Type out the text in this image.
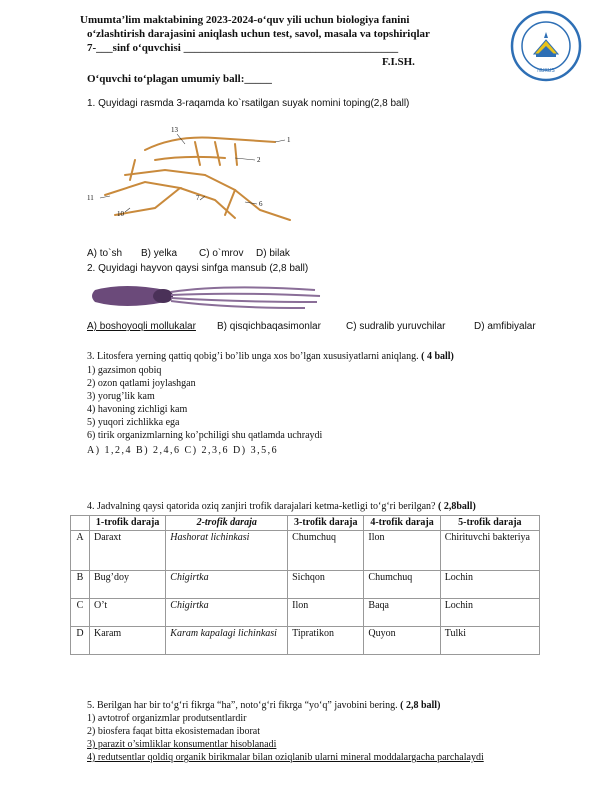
Umumta’lim maktabining 2023-2024-o‘quv yili uchun biologiya fanini
o‘zlashtirish darajasini aniqlash uchun test, savol, masala va topshiriqlar
7-___sinf o‘quvchisi _______________________________________
F.I.SH.
O‘quvchi to‘plagan umumiy ball:_____
NUKUS
1. Quyidagi rasmda 3-raqamda ko`rsatilgan suyak nomini toping(2,8 ball)
13
1
2
11	7
6
10
A) to`sh B) yelka C) o`mrov D) bilak
2. Quyidagi hayvon qaysi sinfga mansub (2,8 ball)
A) boshoyoqli mollukalar B) qisqichbaqasimonlar	C) sudralib yuruvchilar	D) amfibiyalar
3. Litosfera yerning qattiq qobig’i bo’lib unga xos bo’lgan xususiyatlarni aniqlang. ( 4 ball)
1) gazsimon qobiq
2) ozon qatlami joylashgan
3) yorug’lik kam
4) havoning zichligi kam
5) yuqori zichlikka ega
6) tirik organizmlarning ko’pchiligi shu qatlamda uchraydi
A) 1,2,4 B) 2,4,6 C) 2,3,6 D) 3,5,6
4. Jadvalning qaysi qatorida oziq zanjiri trofik darajalari ketma-ketligi to‘g‘ri berilgan? ( 2,8ball)
	1-trofik daraja	2-trofik daraja	3-trofik daraja	4-trofik daraja	5-trofik daraja
A	Daraxt	Hashorat lichinkasi	Chumchuq	Ilon	Chirituvchi bakteriya
B	Bug’doy	Chigirtka	Sichqon	Chumchuq	Lochin
C	O’t	Chigirtka	Ilon	Baqa	Lochin
D	Karam	Karam kapalagi lichinkasi	Tipratikon	Quyon	Tulki
5. Berilgan har bir to‘g‘ri fikrga “ha”, noto‘g‘ri fikrga “yo‘q” javobini bering. ( 2,8 ball)
1) avtotrof organizmlar produtsentlardir
2) biosfera faqat bitta ekosistemadan iborat
3) parazit o’simliklar konsumentlar hisoblanadi
4) redutsentlar qoldiq organik birikmalar bilan oziqlanib ularni mineral moddalargacha parchalaydi
